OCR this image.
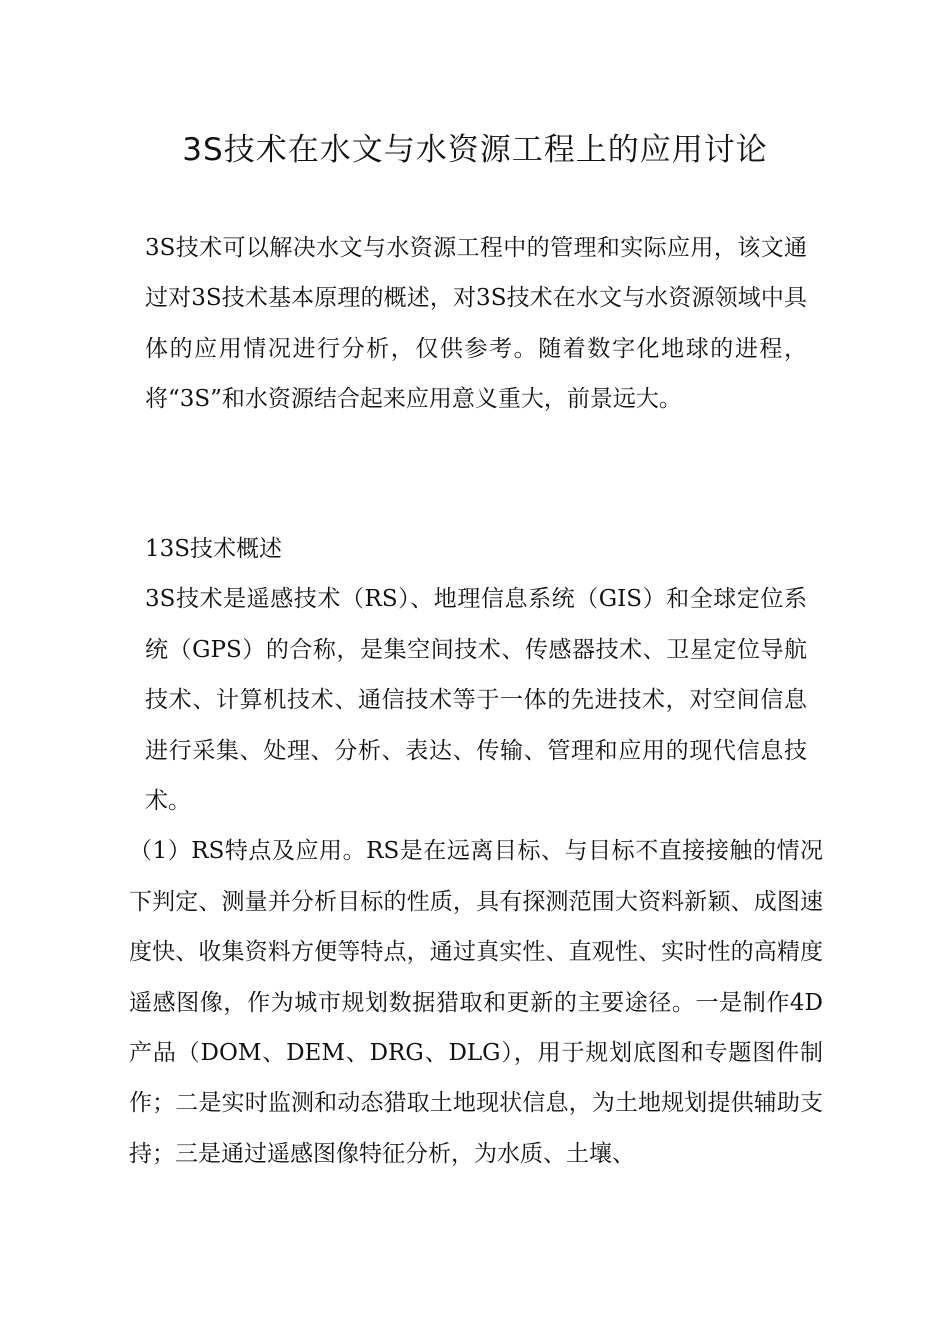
3S技术在水文与水资源工程上的应用讨论

3S技术可以解决水文与水资源工程中的管理和实际应用，该文通过对3S技术基本原理的概述，对3S技术在水文与水资源领域中具体的应用情况进行分析，仅供参考。随着数字化地球的进程，将“3S”和水资源结合起来应用意义重大，前景远大。

13S技术概述

3S技术是遥感技术（RS）、地理信息系统（GIS）和全球定位系统（GPS）的合称，是集空间技术、传感器技术、卫星定位导航技术、计算机技术、通信技术等于一体的先进技术，对空间信息进行采集、处理、分析、表达、传输、管理和应用的现代信息技术。

（1）RS特点及应用。RS是在远离目标、与目标不直接接触的情况下判定、测量并分析目标的性质，具有探测范围大资料新颖、成图速度快、收集资料方便等特点，通过真实性、直观性、实时性的高精度遥感图像，作为城市规划数据猎取和更新的主要途径。一是制作4D产品（DOM、DEM、DRG、DLG），用于规划底图和专题图件制作；二是实时监测和动态猎取土地现状信息，为土地规划提供辅助支持；三是通过遥感图像特征分析，为水质、土壤、
